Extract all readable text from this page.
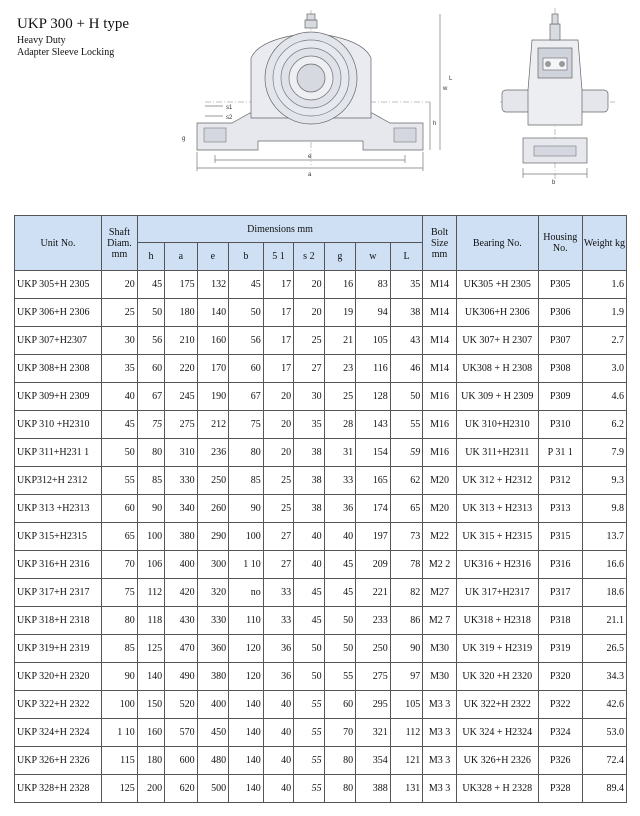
UKP 300 + H type
Heavy Duty
Adapter Sleeve Locking
h
w
e
a
s1
s2
g
L
b
Unit No.	Shaft Diam. mm	Dimensions mm									Bolt Size mm	Bearing No.	Housing No.	Weight kg
		h	a	e	b	5 1	s 2	g	w	L				
UKP 305+H 2305	20	45	175	132	45	17	20	16	83	35	M14	UK305 +H 2305	P305	1.6
UKP 306+H 2306	25	50	180	140	50	17	20	19	94	38	M14	UK306+H 2306	P306	1.9
UKP 307+H2307	30	56	210	160	56	17	25	21	105	43	M14	UK 307+ H 2307	P307	2.7
UKP 308+H 2308	35	60	220	170	60	17	27	23	116	46	M14	UK308 + H 2308	P308	3.0
UKP 309+H 2309	40	67	245	190	67	20	30	25	128	50	M16	UK 309 + H 2309	P309	4.6
UKP 310 +H2310	45	75	275	212	75	20	35	28	143	55	M16	UK 310+H2310	P310	6.2
UKP 311+H231 1	50	80	310	236	80	20	38	31	154	59	M16	UK 311+H2311	P 31 1	7.9
UKP312+H 2312	55	85	330	250	85	25	38	33	165	62	M20	UK 312 + H2312	P312	9.3
UKP 313 +H2313	60	90	340	260	90	25	38	36	174	65	M20	UK 313 + H2313	P313	9.8
UKP 315+H2315	65	100	380	290	100	27	40	40	197	73	M22	UK 315 + H2315	P315	13.7
UKP 316+H 2316	70	106	400	300	1 10	27	40	45	209	78	M2 2	UK316 + H2316	P316	16.6
UKP 317+H 2317	75	112	420	320	no	33	45	45	221	82	M27	UK 317+H2317	P317	18.6
UKP 318+H 2318	80	118	430	330	110	33	45	50	233	86	M2 7	UK318 + H2318	P318	21.1
UKP 319+H 2319	85	125	470	360	120	36	50	50	250	90	M30	UK 319 + H2319	P319	26.5
UKP 320+H 2320	90	140	490	380	120	36	50	55	275	97	M30	UK 320 +H 2320	P320	34.3
UKP 322+H 2322	100	150	520	400	140	40	55	60	295	105	M3 3	UK 322+H 2322	P322	42.6
UKP 324+H 2324	1 10	160	570	450	140	40	55	70	321	112	M3 3	UK 324 + H2324	P324	53.0
UKP 326+H 2326	115	180	600	480	140	40	55	80	354	121	M3 3	UK 326+H 2326	P326	72.4
UKP 328+H 2328	125	200	620	500	140	40	55	80	388	131	M3 3	UK328 + H 2328	P328	89.4
